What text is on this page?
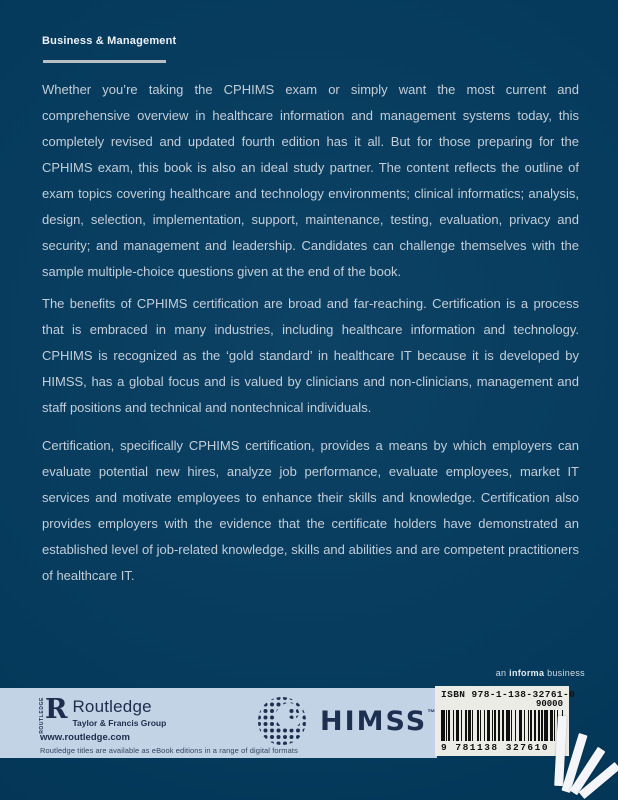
Business & Management

Whether you’re taking the CPHIMS exam or simply want the most current and comprehensive overview in healthcare information and management systems today, this completely revised and updated fourth edition has it all. But for those preparing for the CPHIMS exam, this book is also an ideal study partner. The content reflects the outline of exam topics covering healthcare and technology environments; clinical informatics; analysis, design, selection, implementation, support, maintenance, testing, evaluation, privacy and security; and management and leadership. Candidates can challenge themselves with the sample multiple-choice questions given at the end of the book.

The benefits of CPHIMS certification are broad and far-reaching. Certification is a process that is embraced in many industries, including healthcare information and technology. CPHIMS is recognized as the ‘gold standard’ in healthcare IT because it is developed by HIMSS, has a global focus and is valued by clinicians and non-clinicians, management and staff positions and technical and nontechnical individuals.

Certification, specifically CPHIMS certification, provides a means by which employers can evaluate potential new hires, analyze job performance, evaluate employees, market IT services and motivate employees to enhance their skills and knowledge. Certification also provides employers with the evidence that the certificate holders have demonstrated an established level of job-related knowledge, skills and abilities and are competent practitioners of healthcare IT.

an informa business
ROUTLEDGE R Routledge
Taylor & Francis Group
www.routledge.com
Routledge titles are available as eBook editions in a range of digital formats
HIMSS™
ISBN 978-1-138-32761-0
90000
9 781138 327610
